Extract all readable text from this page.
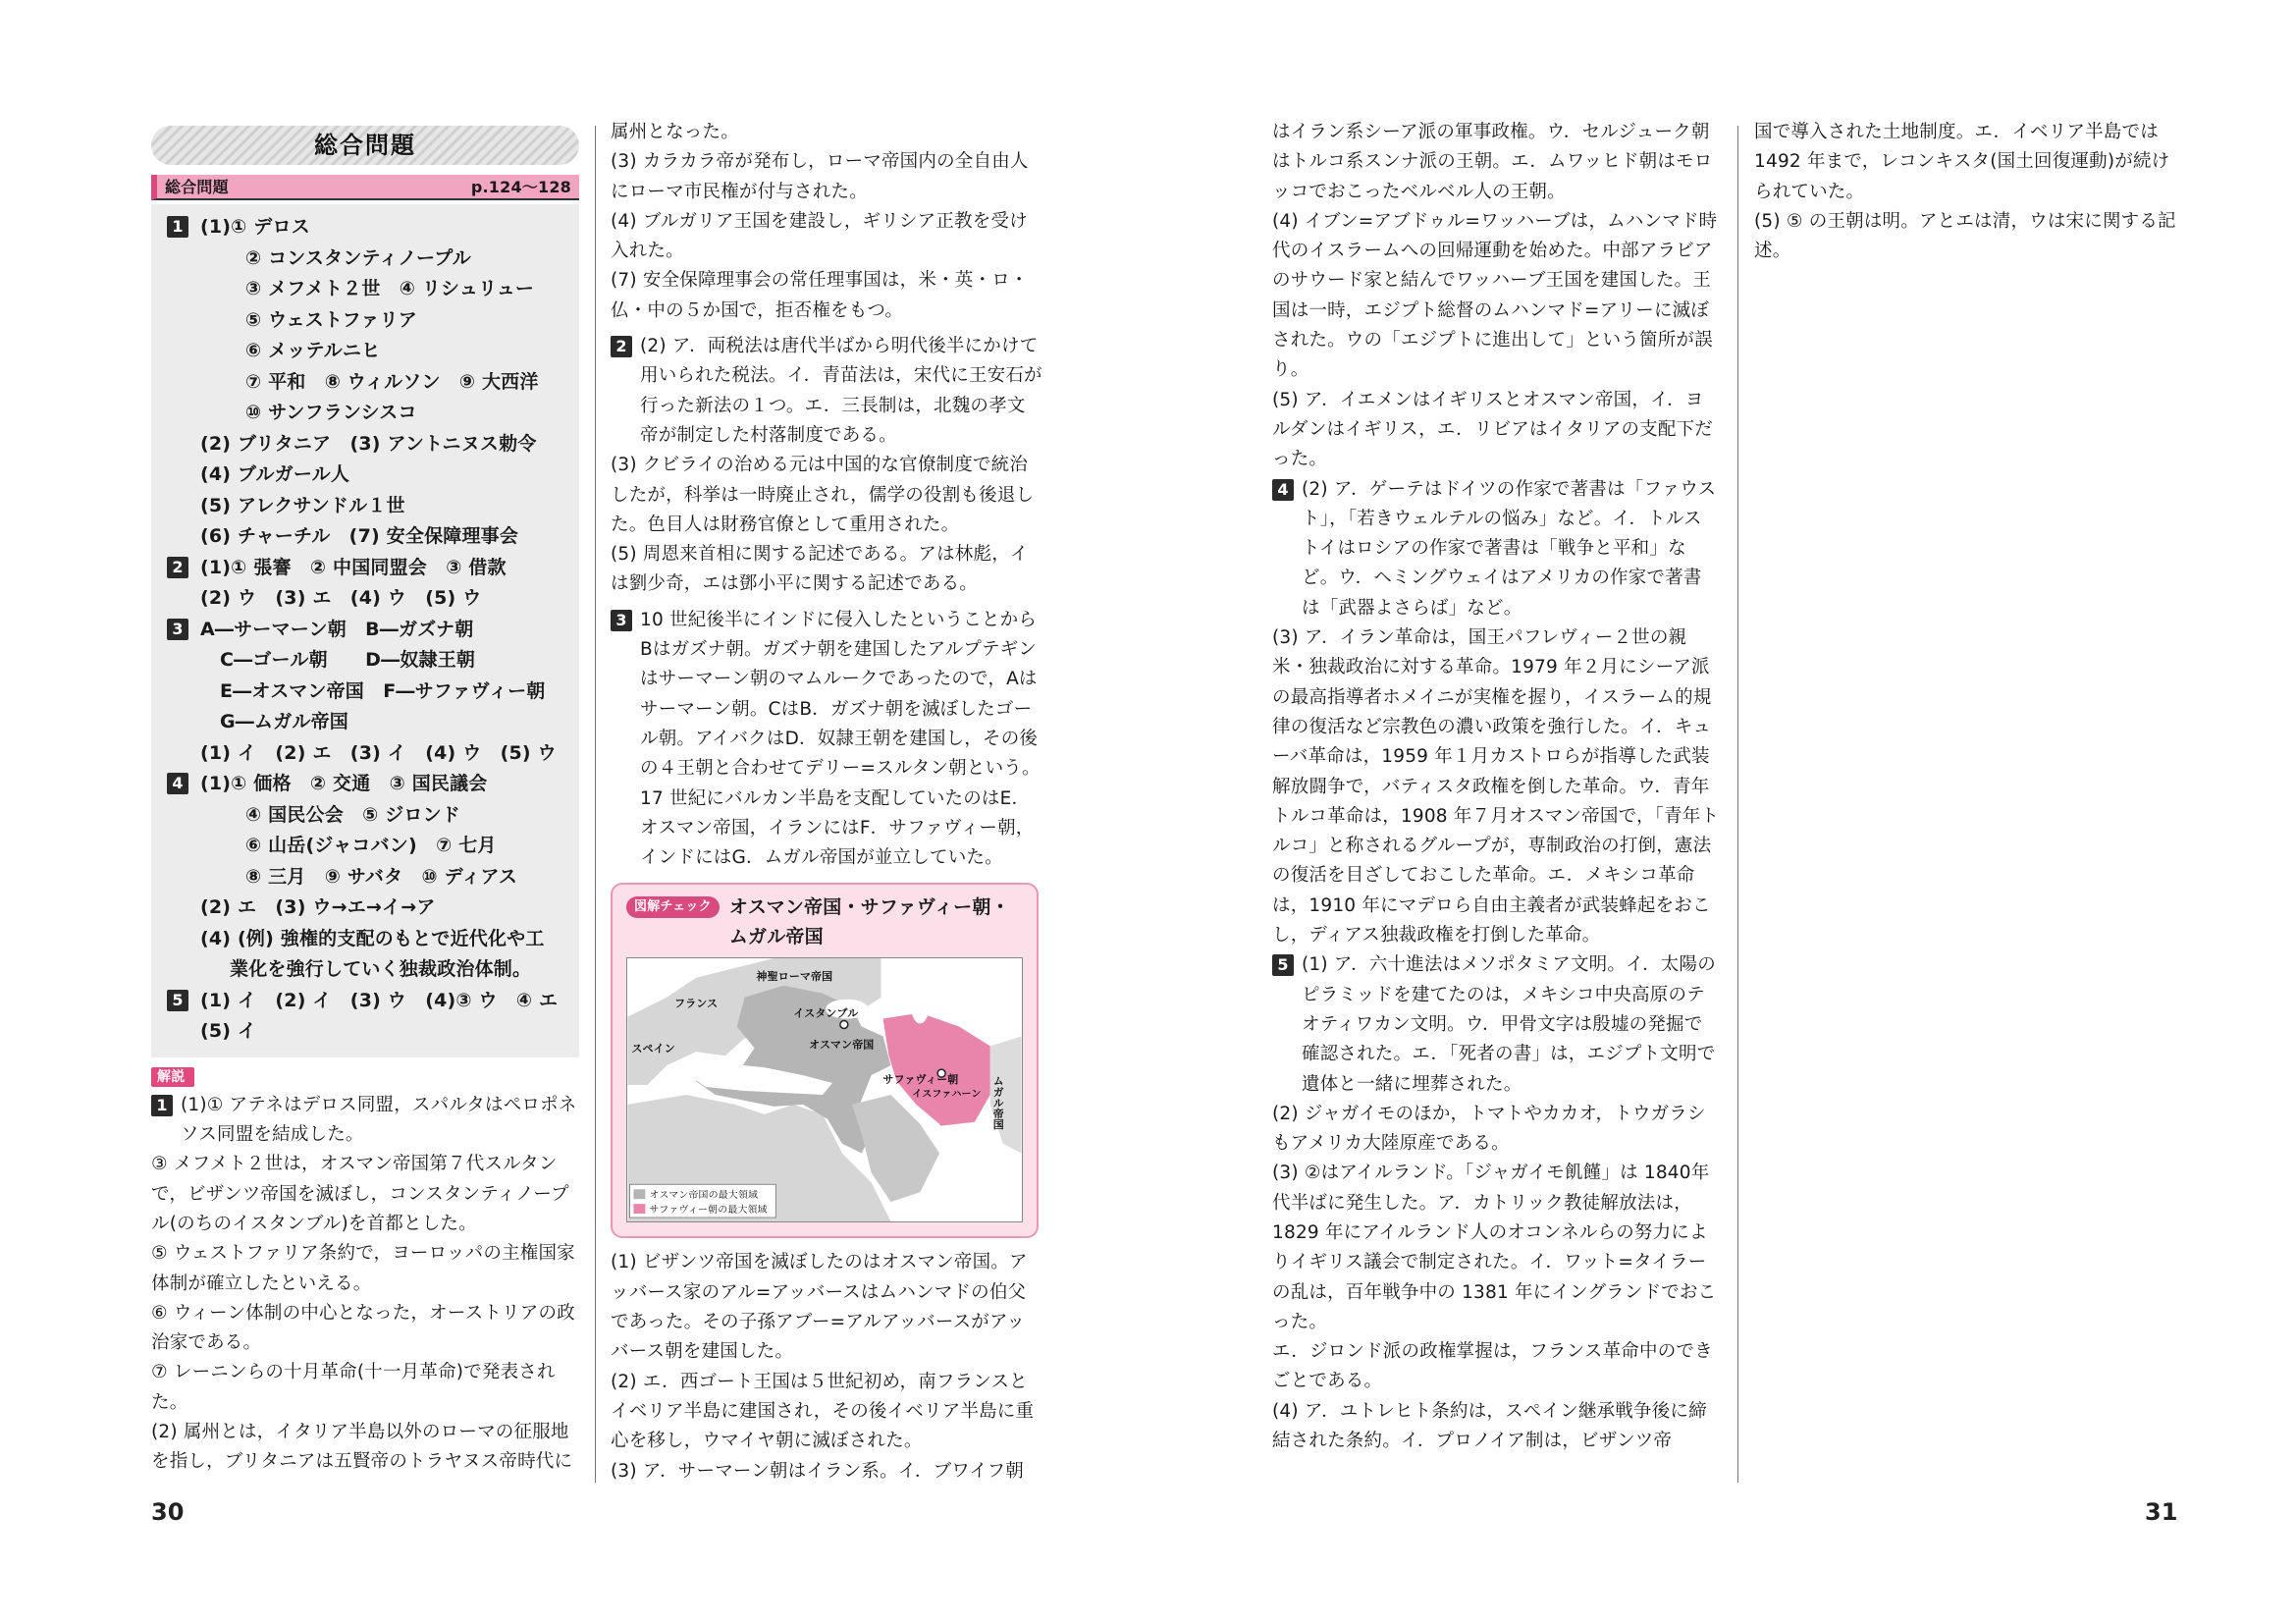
総合問題
総合問題	p.124〜128
1 (1)① デロス
② コンスタンティノープル
③ メフメト２世　④ リシュリュー
⑤ ウェストファリア
⑥ メッテルニヒ
⑦ 平和　⑧ ウィルソン　⑨ 大西洋
⑩ サンフランシスコ
(2) ブリタニア　(3) アントニヌス勅令
(4) ブルガール人
(5) アレクサンドル１世
(6) チャーチル　(7) 安全保障理事会
2 (1)① 張謇　② 中国同盟会　③ 借款
(2) ウ　(3) エ　(4) ウ　(5) ウ
3 A―サーマーン朝　B―ガズナ朝
C―ゴール朝　　D―奴隷王朝
E―オスマン帝国　F―サファヴィー朝
G―ムガル帝国
(1) イ　(2) エ　(3) イ　(4) ウ　(5) ウ
4 (1)① 価格　② 交通　③ 国民議会
④ 国民公会　⑤ ジロンド
⑥ 山岳(ジャコバン)　⑦ 七月
⑧ 三月　⑨ サバタ　⑩ ディアス
(2) エ　(3) ウ→エ→イ→ア
(4) (例) 強権的支配のもとで近代化や工
業化を強行していく独裁政治体制。
5 (1) イ　(2) イ　(3) ウ　(4)③ ウ　④ エ
(5) イ
解説
1 (1)① アテネはデロス同盟，スパルタはペロポネソス同盟を結成した。

③ メフメト２世は，オスマン帝国第７代スルタンで，ビザンツ帝国を滅ぼし，コンスタンティノープル(のちのイスタンブル)を首都とした。

⑤ ウェストファリア条約で，ヨーロッパの主権国家体制が確立したといえる。

⑥ ウィーン体制の中心となった，オーストリアの政治家である。

⑦ レーニンらの十月革命(十一月革命)で発表された。

(2) 属州とは，イタリア半島以外のローマの征服地を指し，ブリタニアは五賢帝のトラヤヌス帝時代に

属州となった。

(3) カラカラ帝が発布し，ローマ帝国内の全自由人にローマ市民権が付与された。

(4) ブルガリア王国を建設し，ギリシア正教を受け入れた。

(7) 安全保障理事会の常任理事国は，米・英・ロ・仏・中の５か国で，拒否権をもつ。

2 (2) ア．両税法は唐代半ばから明代後半にかけて用いられた税法。イ．青苗法は，宋代に王安石が行った新法の１つ。エ．三長制は，北魏の孝文帝が制定した村落制度である。

(3) クビライの治める元は中国的な官僚制度で統治したが，科挙は一時廃止され，儒学の役割も後退した。色目人は財務官僚として重用された。

(5) 周恩来首相に関する記述である。アは林彪，イは劉少奇，エは鄧小平に関する記述である。

3 10 世紀後半にインドに侵入したということからBはガズナ朝。ガズナ朝を建国したアルプテギンはサーマーン朝のマムルークであったので，Aはサーマーン朝。CはB．ガズナ朝を滅ぼしたゴール朝。アイバクはD．奴隷王朝を建国し，その後の４王朝と合わせてデリー=スルタン朝という。17 世紀にバルカン半島を支配していたのはE．オスマン帝国，イランにはF．サファヴィー朝，インドにはG．ムガル帝国が並立していた。

図解チェック オスマン帝国・サファヴィー朝・ムガル帝国
神聖ローマ帝国
フランス
スペイン
イスタンブル
オスマン帝国
サファヴィー朝
イスファハーン ムガル帝国
オスマン帝国の最大領域
サファヴィー朝の最大領域

(1) ビザンツ帝国を滅ぼしたのはオスマン帝国。アッバース家のアル=アッバースはムハンマドの伯父であった。その子孫アブー=アルアッバースがアッバース朝を建国した。

(2) エ．西ゴート王国は５世紀初め，南フランスとイベリア半島に建国され，その後イベリア半島に重心を移し，ウマイヤ朝に滅ぼされた。

(3) ア．サーマーン朝はイラン系。イ．ブワイフ朝

はイラン系シーア派の軍事政権。ウ．セルジューク朝はトルコ系スンナ派の王朝。エ．ムワッヒド朝はモロッコでおこったベルベル人の王朝。

(4) イブン=アブドゥル=ワッハーブは，ムハンマド時代のイスラームへの回帰運動を始めた。中部アラビアのサウード家と結んでワッハーブ王国を建国した。王国は一時，エジプト総督のムハンマド=アリーに滅ぼされた。ウの「エジプトに進出して」という箇所が誤り。

(5) ア．イエメンはイギリスとオスマン帝国，イ．ヨルダンはイギリス，エ．リビアはイタリアの支配下だった。

4 (2) ア．ゲーテはドイツの作家で著書は「ファウスト」，「若きウェルテルの悩み」など。イ．トルストイはロシアの作家で著書は「戦争と平和」など。ウ．ヘミングウェイはアメリカの作家で著書は「武器よさらば」など。

(3) ア．イラン革命は，国王パフレヴィー２世の親米・独裁政治に対する革命。1979 年２月にシーア派の最高指導者ホメイニが実権を握り，イスラーム的規律の復活など宗教色の濃い政策を強行した。イ．キューバ革命は，1959 年１月カストロらが指導した武装解放闘争で，バティスタ政権を倒した革命。ウ．青年トルコ革命は，1908 年７月オスマン帝国で，「青年トルコ」と称されるグループが，専制政治の打倒，憲法の復活を目ざしておこした革命。エ．メキシコ革命は，1910 年にマデロら自由主義者が武装蜂起をおこし，ディアス独裁政権を打倒した革命。

5 (1) ア．六十進法はメソポタミア文明。イ．太陽のピラミッドを建てたのは，メキシコ中央高原のテオティワカン文明。ウ．甲骨文字は殷墟の発掘で確認された。エ．「死者の書」は，エジプト文明で遺体と一緒に埋葬された。

(2) ジャガイモのほか，トマトやカカオ，トウガラシもアメリカ大陸原産である。

(3) ②はアイルランド。「ジャガイモ飢饉」は 1840年代半ばに発生した。ア．カトリック教徒解放法は，1829 年にアイルランド人のオコンネルらの努力によりイギリス議会で制定された。イ．ワット=タイラーの乱は，百年戦争中の 1381 年にイングランドでおこった。

エ．ジロンド派の政権掌握は，フランス革命中のできごとである。

(4) ア．ユトレヒト条約は，スペイン継承戦争後に締結された条約。イ．プロノイア制は，ビザンツ帝

国で導入された土地制度。エ．イベリア半島では1492 年まで，レコンキスタ(国土回復運動)が続けられていた。

(5) ⑤ の王朝は明。アとエは清，ウは宋に関する記述。

30	31
